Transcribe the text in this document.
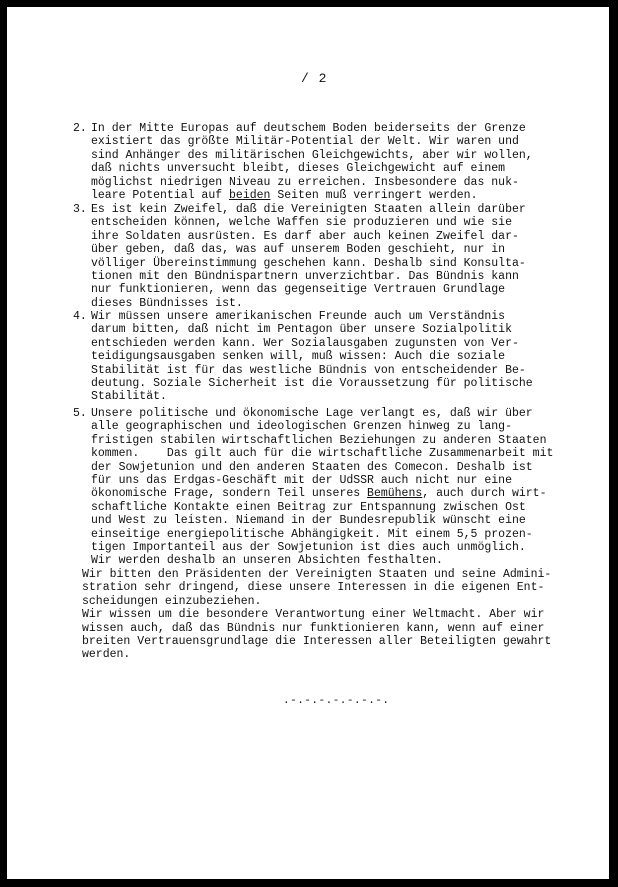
/ 2
2. In der Mitte Europas auf deutschem Boden beiderseits der Grenze
existiert das größte Militär-Potential der Welt. Wir waren und
sind Anhänger des militärischen Gleichgewichts, aber wir wollen,
daß nichts unversucht bleibt, dieses Gleichgewicht auf einem
möglichst niedrigen Niveau zu erreichen. Insbesondere das nuk-
leare Potential auf beiden Seiten muß verringert werden.
3. Es ist kein Zweifel, daß die Vereinigten Staaten allein darüber
entscheiden können, welche Waffen sie produzieren und wie sie
ihre Soldaten ausrüsten. Es darf aber auch keinen Zweifel dar-
über geben, daß das, was auf unserem Boden geschieht, nur in
völliger Übereinstimmung geschehen kann. Deshalb sind Konsulta-
tionen mit den Bündnispartnern unverzichtbar. Das Bündnis kann
nur funktionieren, wenn das gegenseitige Vertrauen Grundlage
dieses Bündnisses ist.
4. Wir müssen unsere amerikanischen Freunde auch um Verständnis
darum bitten, daß nicht im Pentagon über unsere Sozialpolitik
entschieden werden kann. Wer Sozialausgaben zugunsten von Ver-
teidigungsausgaben senken will, muß wissen: Auch die soziale
Stabilität ist für das westliche Bündnis von entscheidender Be-
deutung. Soziale Sicherheit ist die Voraussetzung für politische
Stabilität.
5. Unsere politische und ökonomische Lage verlangt es, daß wir über
alle geographischen und ideologischen Grenzen hinweg zu lang-
fristigen stabilen wirtschaftlichen Beziehungen zu anderen Staaten
kommen.    Das gilt auch für die wirtschaftliche Zusammenarbeit mit
der Sowjetunion und den anderen Staaten des Comecon. Deshalb ist
für uns das Erdgas-Geschäft mit der UdSSR auch nicht nur eine
ökonomische Frage, sondern Teil unseres Bemühens, auch durch wirt-
schaftliche Kontakte einen Beitrag zur Entspannung zwischen Ost
und West zu leisten. Niemand in der Bundesrepublik wünscht eine
einseitige energiepolitische Abhängigkeit. Mit einem 5,5 prozen-
tigen Importanteil aus der Sowjetunion ist dies auch unmöglich.
Wir werden deshalb an unseren Absichten festhalten.
Wir bitten den Präsidenten der Vereinigten Staaten und seine Admini-
stration sehr dringend, diese unsere Interessen in die eigenen Ent-
scheidungen einzubeziehen.
Wir wissen um die besondere Verantwortung einer Weltmacht. Aber wir
wissen auch, daß das Bündnis nur funktionieren kann, wenn auf einer
breiten Vertrauensgrundlage die Interessen aller Beteiligten gewahrt
werden.
.-.-.-.-.-.-.-.
